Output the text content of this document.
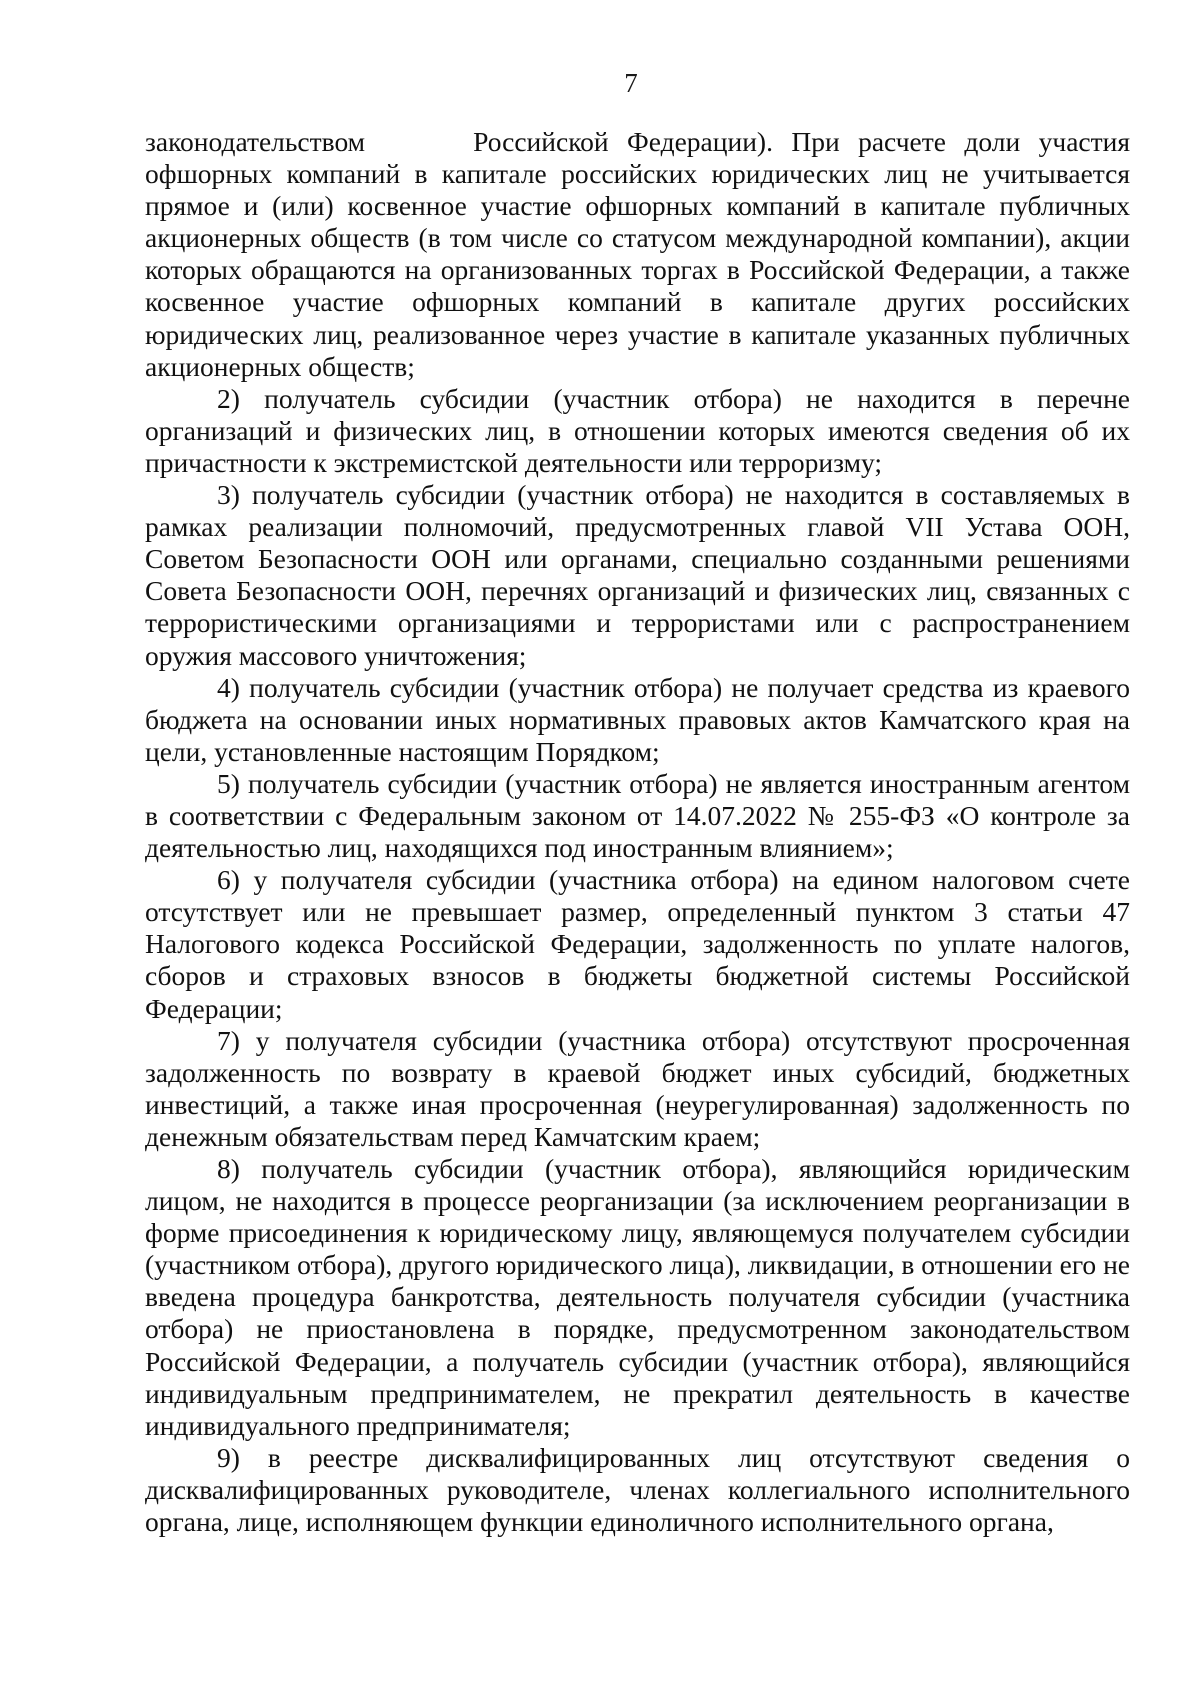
7

законодательством	Российской Федерации). При расчете доли участия офшорных компаний в капитале российских юридических лиц не учитывается прямое и (или) косвенное участие офшорных компаний в капитале публичных акционерных обществ (в том числе со статусом международной компании), акции которых обращаются на организованных торгах в Российской Федерации, а также косвенное участие офшорных компаний в капитале других российских юридических лиц, реализованное через участие в капитале указанных публичных акционерных обществ;

2) получатель субсидии (участник отбора) не находится в перечне организаций и физических лиц, в отношении которых имеются сведения об их причастности к экстремистской деятельности или терроризму;

3) получатель субсидии (участник отбора) не находится в составляемых в рамках реализации полномочий, предусмотренных главой VII Устава ООН, Советом Безопасности ООН или органами, специально созданными решениями Совета Безопасности ООН, перечнях организаций и физических лиц, связанных с террористическими организациями и террористами или с распространением оружия массового уничтожения;

4) получатель субсидии (участник отбора) не получает средства из краевого бюджета на основании иных нормативных правовых актов Камчатского края на цели, установленные настоящим Порядком;

5) получатель субсидии (участник отбора) не является иностранным агентом в соответствии с Федеральным законом от 14.07.2022 № 255-ФЗ «О контроле за деятельностью лиц, находящихся под иностранным влиянием»;

6) у получателя субсидии (участника отбора) на едином налоговом счете отсутствует или не превышает размер, определенный пунктом 3 статьи 47 Налогового кодекса Российской Федерации, задолженность по уплате налогов, сборов и страховых взносов в бюджеты бюджетной системы Российской Федерации;

7) у получателя субсидии (участника отбора) отсутствуют просроченная задолженность по возврату в краевой бюджет иных субсидий, бюджетных инвестиций, а также иная просроченная (неурегулированная) задолженность по денежным обязательствам перед Камчатским краем;

8) получатель субсидии (участник отбора), являющийся юридическим лицом, не находится в процессе реорганизации (за исключением реорганизации в форме присоединения к юридическому лицу, являющемуся получателем субсидии (участником отбора), другого юридического лица), ликвидации, в отношении его не введена процедура банкротства, деятельность получателя субсидии (участника отбора) не приостановлена в порядке, предусмотренном законодательством Российской Федерации, а получатель субсидии (участник отбора), являющийся индивидуальным предпринимателем, не прекратил деятельность в качестве индивидуального предпринимателя;

9) в реестре дисквалифицированных лиц отсутствуют сведения о дисквалифицированных руководителе, членах коллегиального исполнительного органа, лице, исполняющем функции единоличного исполнительного органа,
